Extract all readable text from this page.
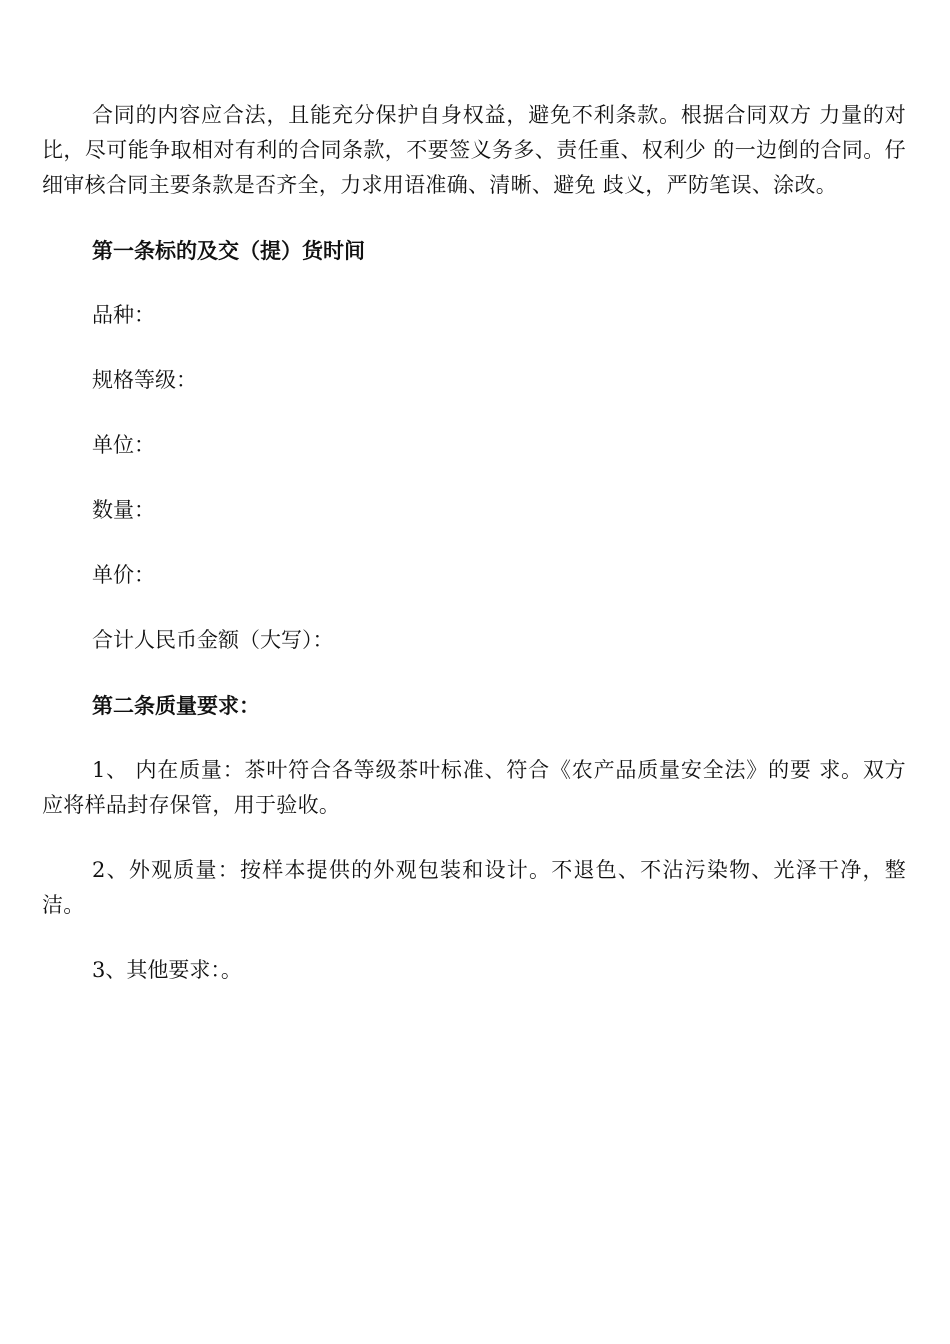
合同的内容应合法，且能充分保护自身权益，避免不利条款。根据合同双方 力量的对比，尽可能争取相对有利的合同条款，不要签义务多、责任重、权利少 的一边倒的合同。仔细审核合同主要条款是否齐全，力求用语准确、清晰、避免 歧义，严防笔误、涂改。

第一条标的及交（提）货时间
品种：
规格等级：
单位：
数量：
单价：
合计人民币金额（大写）：
第二条质量要求：

1、 内在质量：茶叶符合各等级茶叶标准、符合《农产品质量安全法》的要 求。双方应将样品封存保管，用于验收。

2、外观质量：按样本提供的外观包装和设计。不退色、不沾污染物、光泽干净，整洁。

3、其他要求：。
